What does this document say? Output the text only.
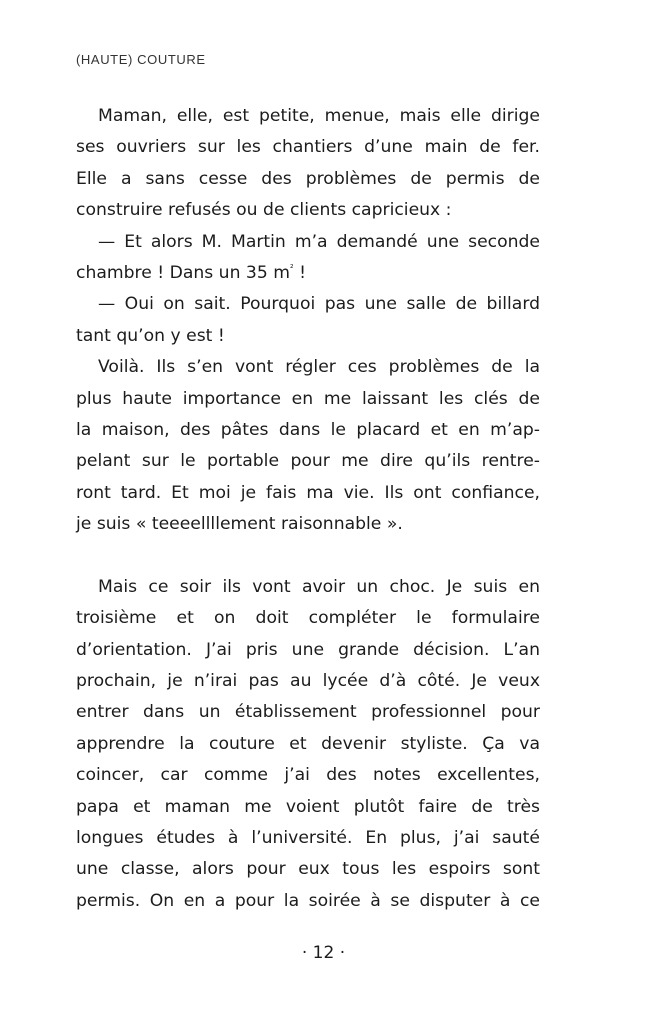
(HAUTE) COUTURE
Maman, elle, est petite, menue, mais elle dirige
ses ouvriers sur les chantiers d’une main de fer.
Elle a sans cesse des problèmes de permis de
construire refusés ou de clients capricieux :
— Et alors M. Martin m’a demandé une seconde
chambre ! Dans un 35 $m^{^2}$ !
— Oui on sait. Pourquoi pas une salle de billard
tant qu’on y est !
Voilà. Ils s’en vont régler ces problèmes de la
plus haute importance en me laissant les clés de
la maison, des pâtes dans le placard et en m’ap-
pelant sur le portable pour me dire qu’ils rentre-
ront tard. Et moi je fais ma vie. Ils ont confiance,
je suis « teeeellllement raisonnable ».
Mais ce soir ils vont avoir un choc. Je suis en
troisième et on doit compléter le formulaire
d’orientation. J’ai pris une grande décision. L’an
prochain, je n’irai pas au lycée d’à côté. Je veux
entrer dans un établissement professionnel pour
apprendre la couture et devenir styliste. Ça va
coincer, car comme j’ai des notes excellentes,
papa et maman me voient plutôt faire de très
longues études à l’université. En plus, j’ai sauté
une classe, alors pour eux tous les espoirs sont
permis. On en a pour la soirée à se disputer à ce
· 12 ·
